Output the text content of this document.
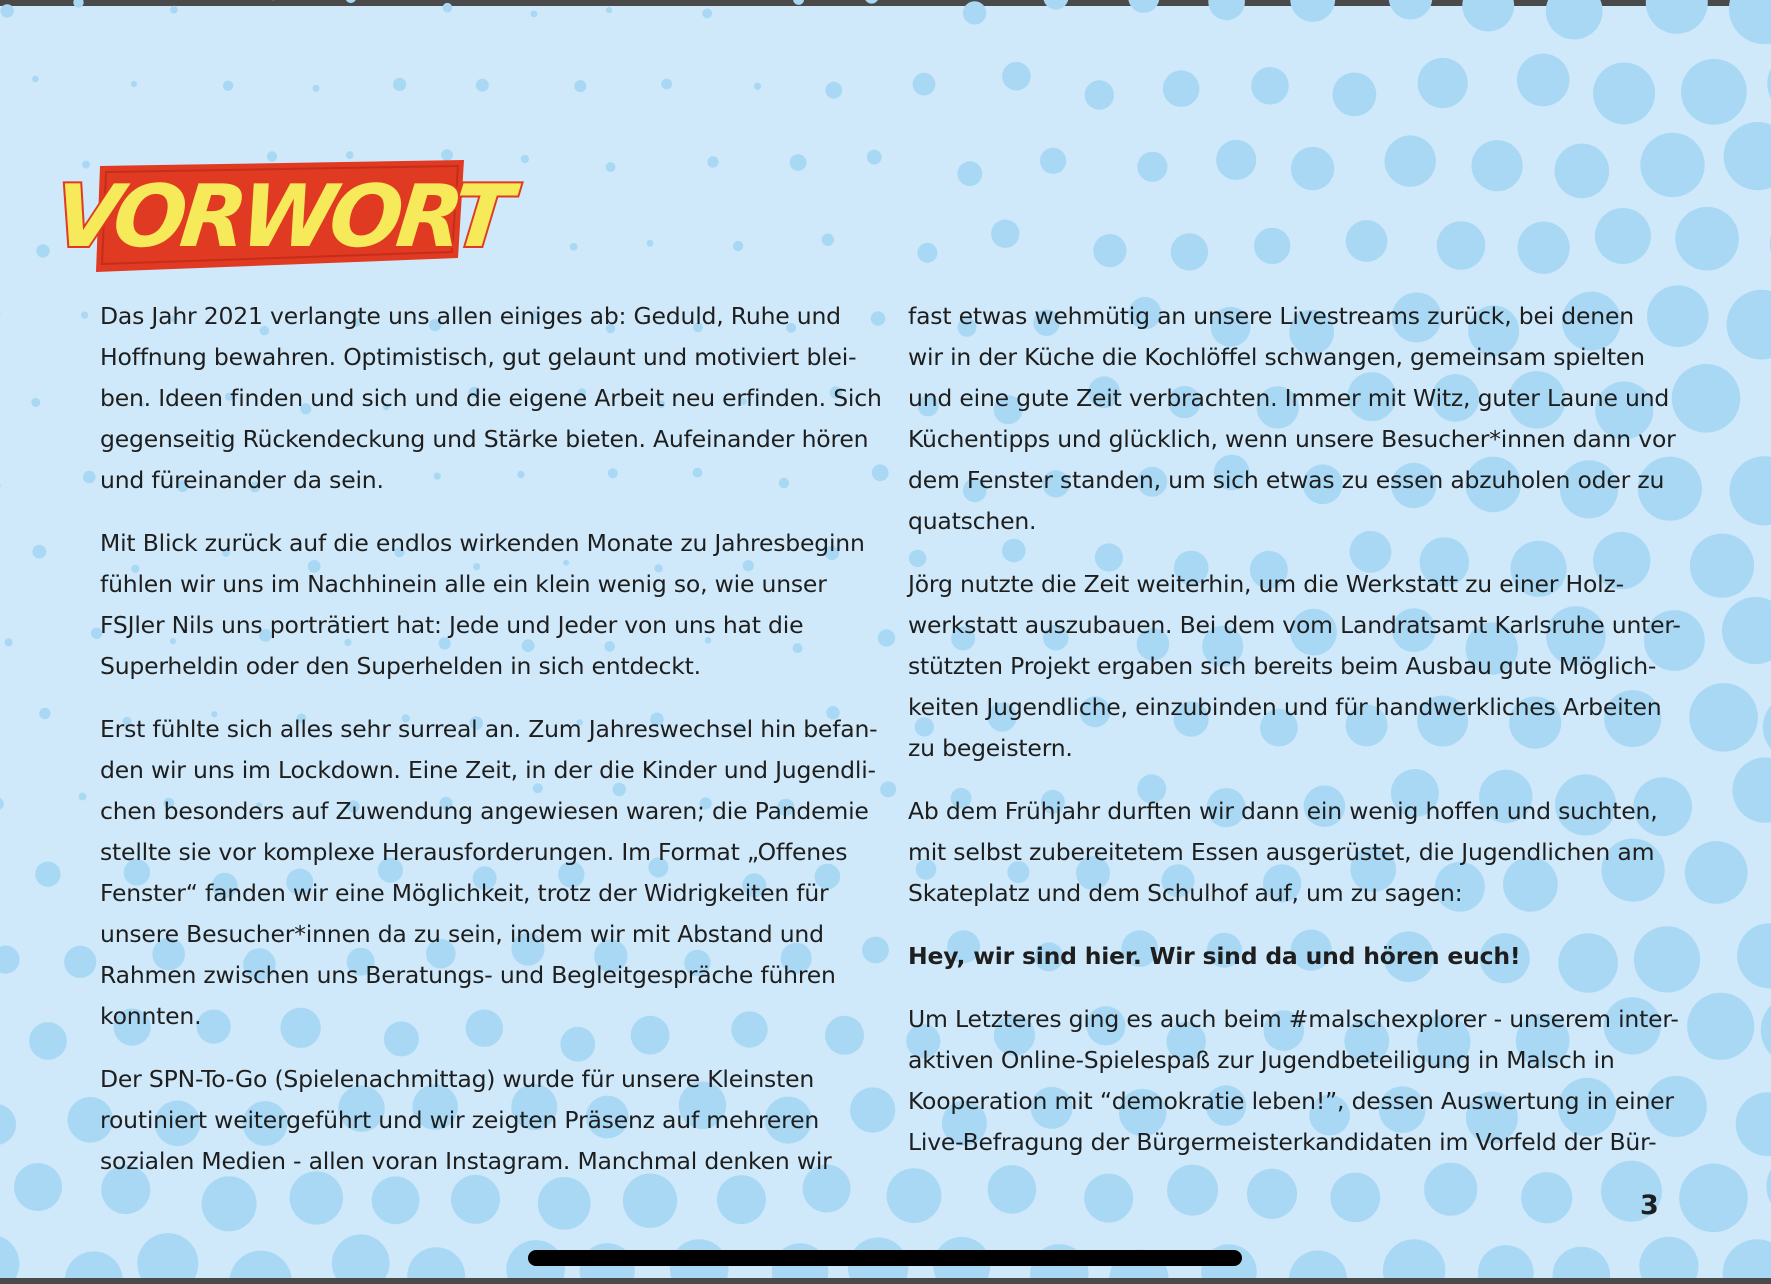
VORWORT

Das Jahr 2021 verlangte uns allen einiges ab: Geduld, Ruhe und
Hoffnung bewahren. Optimistisch, gut gelaunt und motiviert blei-
ben. Ideen finden und sich und die eigene Arbeit neu erfinden. Sich
gegenseitig Rückendeckung und Stärke bieten. Aufeinander hören
und füreinander da sein.

Mit Blick zurück auf die endlos wirkenden Monate zu Jahresbeginn
fühlen wir uns im Nachhinein alle ein klein wenig so, wie unser
FSJler Nils uns porträtiert hat: Jede und Jeder von uns hat die
Superheldin oder den Superhelden in sich entdeckt.

Erst fühlte sich alles sehr surreal an. Zum Jahreswechsel hin befan-
den wir uns im Lockdown. Eine Zeit, in der die Kinder und Jugendli-
chen besonders auf Zuwendung angewiesen waren; die Pandemie
stellte sie vor komplexe Herausforderungen. Im Format „Offenes
Fenster“ fanden wir eine Möglichkeit, trotz der Widrigkeiten für
unsere Besucher*innen da zu sein, indem wir mit Abstand und
Rahmen zwischen uns Beratungs- und Begleitgespräche führen
konnten.

Der SPN-To-Go (Spielenachmittag) wurde für unsere Kleinsten
routiniert weitergeführt und wir zeigten Präsenz auf mehreren
sozialen Medien - allen voran Instagram. Manchmal denken wir

fast etwas wehmütig an unsere Livestreams zurück, bei denen
wir in der Küche die Kochlöffel schwangen, gemeinsam spielten
und eine gute Zeit verbrachten. Immer mit Witz, guter Laune und
Küchentipps und glücklich, wenn unsere Besucher*innen dann vor
dem Fenster standen, um sich etwas zu essen abzuholen oder zu
quatschen.

Jörg nutzte die Zeit weiterhin, um die Werkstatt zu einer Holz-
werkstatt auszubauen. Bei dem vom Landratsamt Karlsruhe unter-
stützten Projekt ergaben sich bereits beim Ausbau gute Möglich-
keiten Jugendliche, einzubinden und für handwerkliches Arbeiten
zu begeistern.

Ab dem Frühjahr durften wir dann ein wenig hoffen und suchten,
mit selbst zubereitetem Essen ausgerüstet, die Jugendlichen am
Skateplatz und dem Schulhof auf, um zu sagen:

Hey, wir sind hier. Wir sind da und hören euch!

Um Letzteres ging es auch beim #malschexplorer - unserem inter-
aktiven Online-Spielespaß zur Jugendbeteiligung in Malsch in
Kooperation mit “demokratie leben!”, dessen Auswertung in einer
Live-Befragung der Bürgermeisterkandidaten im Vorfeld der Bür-

3
